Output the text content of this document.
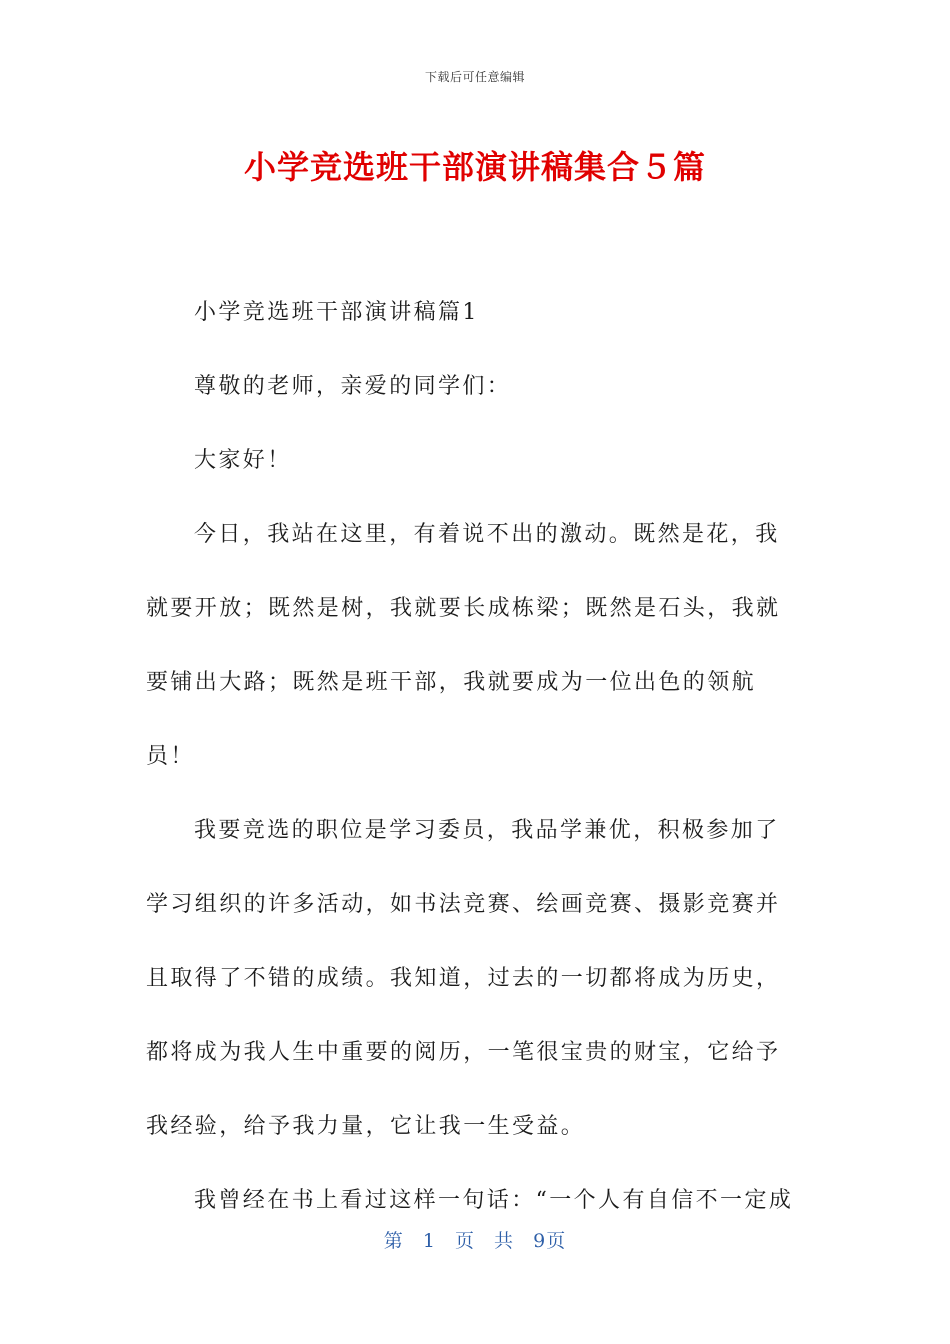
下载后可任意编辑
小学竞选班干部演讲稿集合５篇

小学竞选班干部演讲稿篇1

尊敬的老师，亲爱的同学们：

大家好！

今日，我站在这里，有着说不出的激动。既然是花，我就要开放；既然是树，我就要长成栋梁；既然是石头，我就要铺出大路；既然是班干部，我就要成为一位出色的领航员！

我要竞选的职位是学习委员，我品学兼优，积极参加了学习组织的许多活动，如书法竞赛、绘画竞赛、摄影竞赛并且取得了不错的成绩。我知道，过去的一切都将成为历史，都将成为我人生中重要的阅历，一笔很宝贵的财宝，它给予我经验，给予我力量，它让我一生受益。

我曾经在书上看过这样一句话：“一个人有自信不一定成

第 1 页 共 9页
